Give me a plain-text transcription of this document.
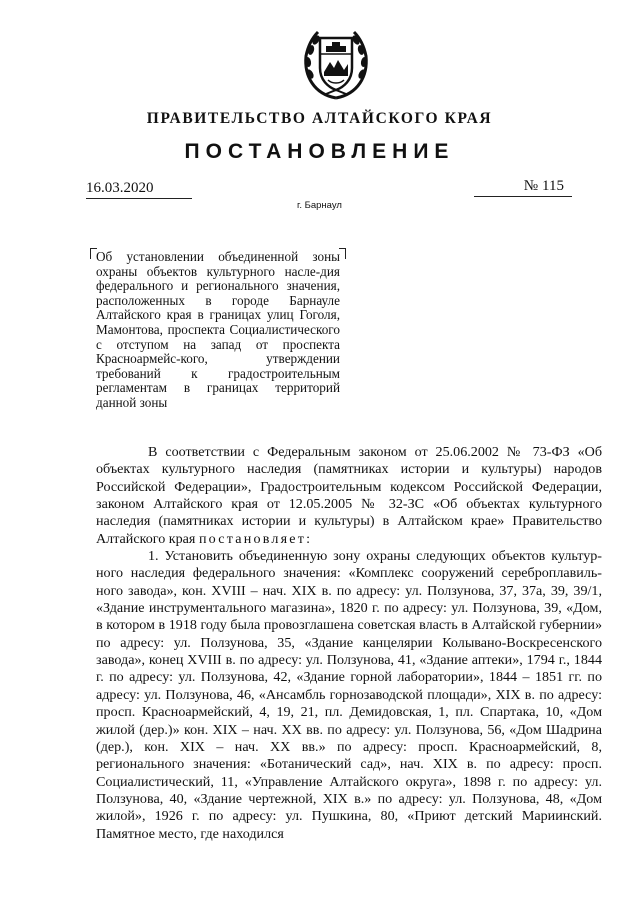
ПРАВИТЕЛЬСТВО АЛТАЙСКОГО КРАЯ
ПОСТАНОВЛЕНИЕ
16.03.2020	№ 115
г. Барнаул
Об установлении объединенной зоны охраны объектов культурного насле-дия федерального и регионального значения, расположенных в городе Барнауле Алтайского края в границах улиц Гоголя, Мамонтова, проспекта Социалистического с отступом на запад от проспекта Красноармейс-кого, утверждении требований к градостроительным регламентам в границах территорий данной зоны

В соответствии с Федеральным законом от 25.06.2002 № 73-ФЗ «Об объектах культурного наследия (памятниках истории и культуры) народов Российской Федерации», Градостроительным кодексом Российской Федерации, законом Алтайского края от 12.05.2005 № 32-ЗС «Об объектах культурного наследия (памятниках истории и культуры) в Алтайском крае» Правительство Алтайского края постановляет:

1. Установить объединенную зону охраны следующих объектов культур-ного наследия федерального значения: «Комплекс сооружений сереброплавиль-ного завода», кон. XVIII – нач. XIX в. по адресу: ул. Ползунова, 37, 37а, 39, 39/1, «Здание инструментального магазина», 1820 г. по адресу: ул. Ползунова, 39, «Дом, в котором в 1918 году была провозглашена советская власть в Алтайской губернии» по адресу: ул. Ползунова, 35, «Здание канцелярии Колывано-Воскресенского завода», конец XVIII в. по адресу: ул. Ползунова, 41, «Здание аптеки», 1794 г., 1844 г. по адресу: ул. Ползунова, 42, «Здание горной лаборатории», 1844 – 1851 гг. по адресу: ул. Ползунова, 46, «Ансамбль горнозаводской площади», XIX в. по адресу: просп. Красноармейский, 4, 19, 21, пл. Демидовская, 1, пл. Спартака, 10, «Дом жилой (дер.)» кон. XIX – нач. XX вв. по адресу: ул. Ползунова, 56, «Дом Шадрина (дер.), кон. XIX – нач. XX вв.» по адресу: просп. Красноармейский, 8, регионального значения: «Ботанический сад», нач. XIX в. по адресу: просп. Социалистический, 11, «Управление Алтайского округа», 1898 г. по адресу: ул. Ползунова, 40, «Здание чертежной, XIX в.» по адресу: ул. Ползунова, 48, «Дом жилой», 1926 г. по адресу: ул. Пушкина, 80, «Приют детский Мариинский. Памятное место, где находился
